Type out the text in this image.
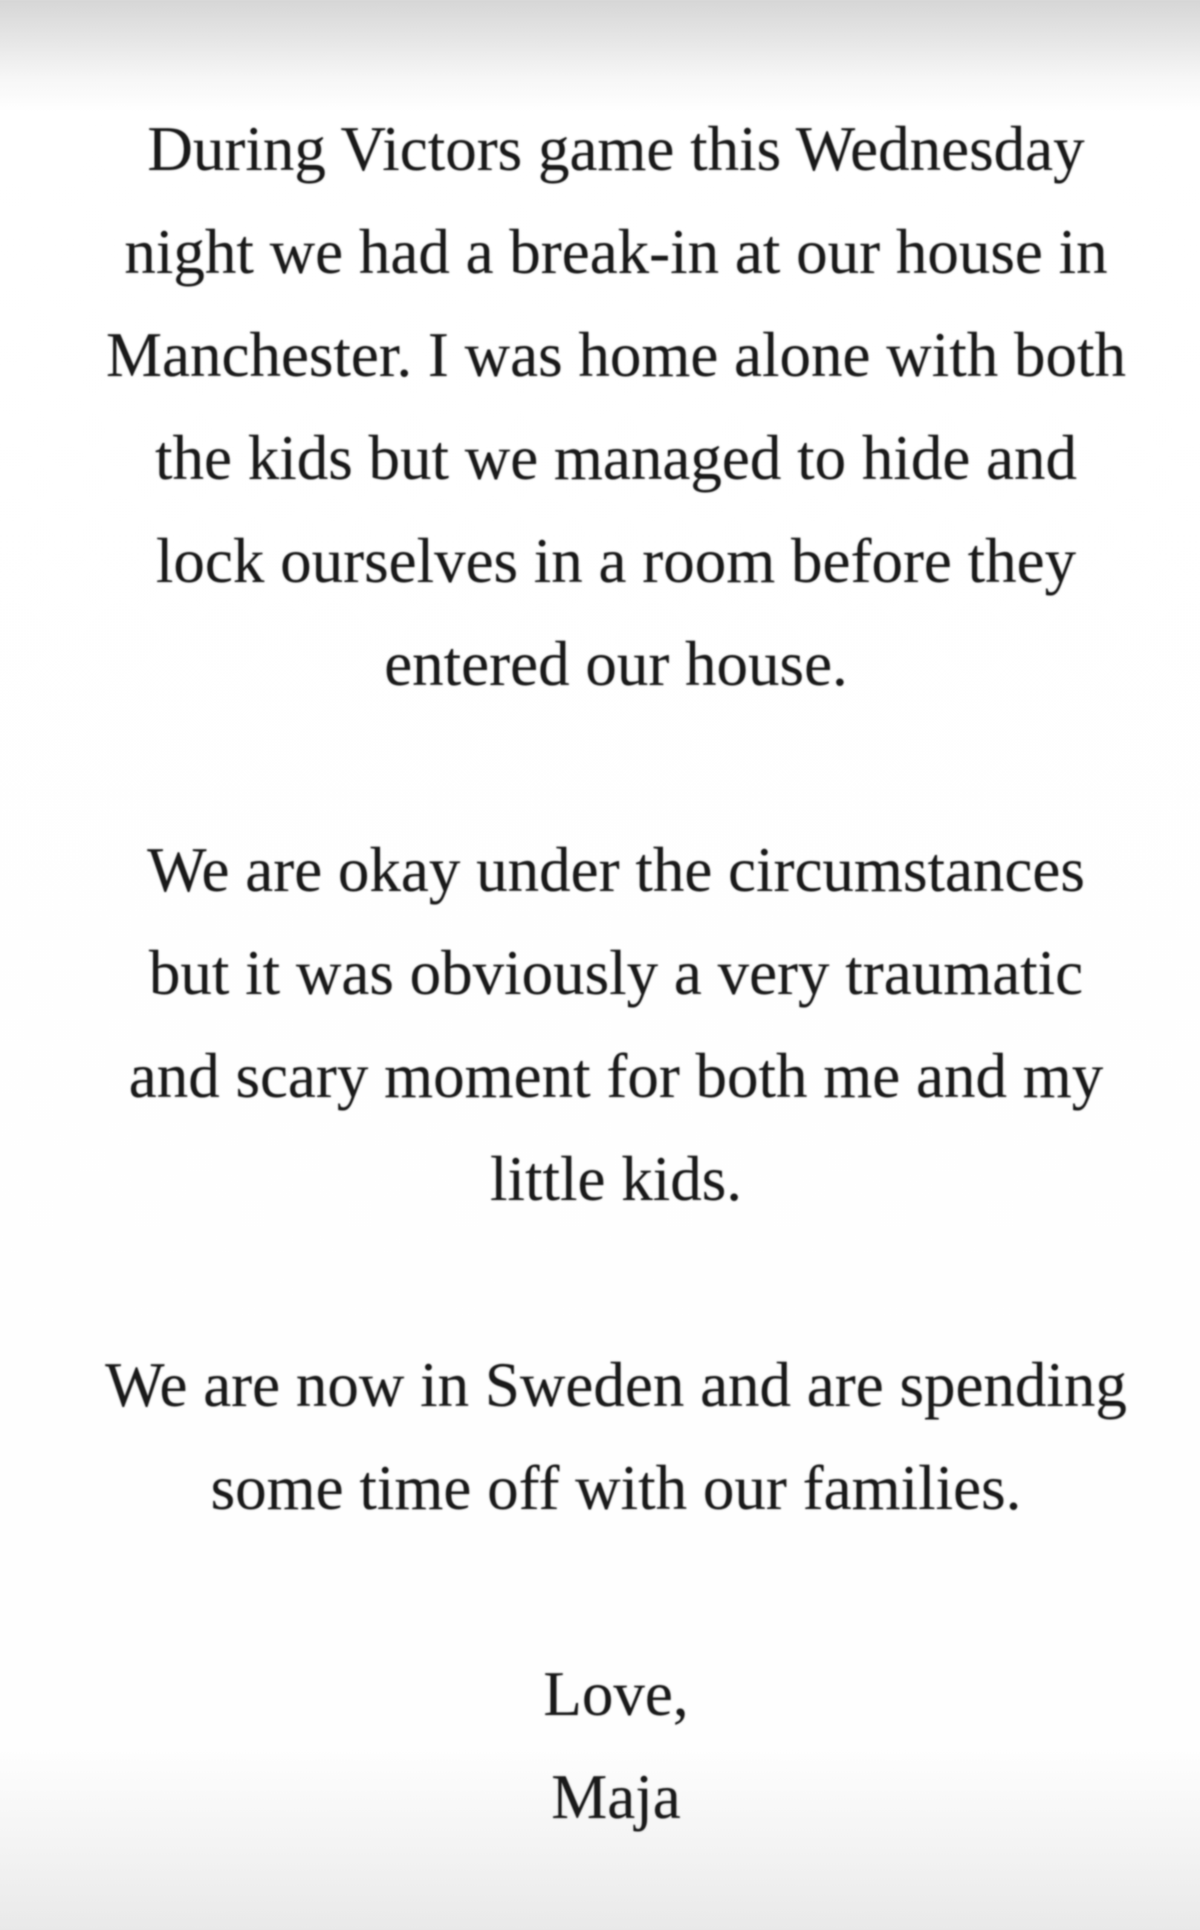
During Victors game this Wednesday
night we had a break-in at our house in
Manchester. I was home alone with both
the kids but we managed to hide and
lock ourselves in a room before they
entered our house.

We are okay under the circumstances
but it was obviously a very traumatic
and scary moment for both me and my
little kids.

We are now in Sweden and are spending
some time off with our families.

Love,
Maja
